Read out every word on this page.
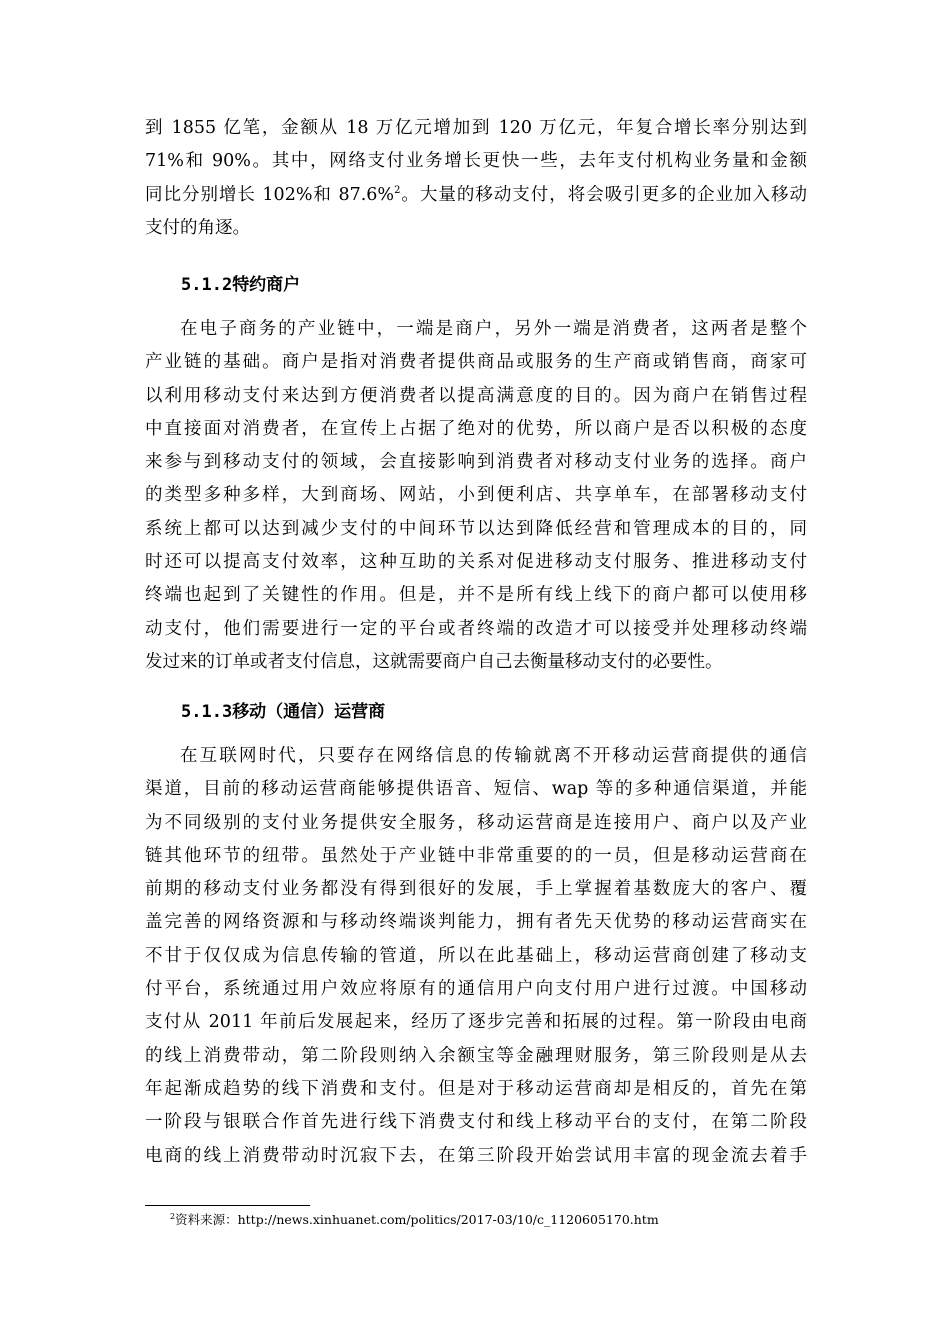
到 1855 亿笔，金额从 18 万亿元增加到 120 万亿元，年复合增长率分别达到
71%和 90%。其中，网络支付业务增长更快一些，去年支付机构业务量和金额
同比分别增长 102%和 87.6%$^2$。大量的移动支付，将会吸引更多的企业加入移动
支付的角逐。
5.1.2特约商户
在电子商务的产业链中，一端是商户，另外一端是消费者，这两者是整个
产业链的基础。商户是指对消费者提供商品或服务的生产商或销售商，商家可
以利用移动支付来达到方便消费者以提高满意度的目的。因为商户在销售过程
中直接面对消费者，在宣传上占据了绝对的优势，所以商户是否以积极的态度
来参与到移动支付的领域，会直接影响到消费者对移动支付业务的选择。商户
的类型多种多样，大到商场、网站，小到便利店、共享单车，在部署移动支付
系统上都可以达到减少支付的中间环节以达到降低经营和管理成本的目的，同
时还可以提高支付效率，这种互助的关系对促进移动支付服务、推进移动支付
终端也起到了关键性的作用。但是，并不是所有线上线下的商户都可以使用移
动支付，他们需要进行一定的平台或者终端的改造才可以接受并处理移动终端
发过来的订单或者支付信息，这就需要商户自己去衡量移动支付的必要性。
5.1.3移动（通信）运营商
在互联网时代，只要存在网络信息的传输就离不开移动运营商提供的通信
渠道，目前的移动运营商能够提供语音、短信、wap 等的多种通信渠道，并能
为不同级别的支付业务提供安全服务，移动运营商是连接用户、商户以及产业
链其他环节的纽带。虽然处于产业链中非常重要的的一员，但是移动运营商在
前期的移动支付业务都没有得到很好的发展，手上掌握着基数庞大的客户、覆
盖完善的网络资源和与移动终端谈判能力，拥有者先天优势的移动运营商实在
不甘于仅仅成为信息传输的管道，所以在此基础上，移动运营商创建了移动支
付平台，系统通过用户效应将原有的通信用户向支付用户进行过渡。中国移动
支付从 2011 年前后发展起来，经历了逐步完善和拓展的过程。第一阶段由电商
的线上消费带动，第二阶段则纳入余额宝等金融理财服务，第三阶段则是从去
年起渐成趋势的线下消费和支付。但是对于移动运营商却是相反的，首先在第
一阶段与银联合作首先进行线下消费支付和线上移动平台的支付，在第二阶段
电商的线上消费带动时沉寂下去，在第三阶段开始尝试用丰富的现金流去着手
$^2$资料来源：http://news.xinhuanet.com/politics/2017-03/10/c_1120605170.htm
